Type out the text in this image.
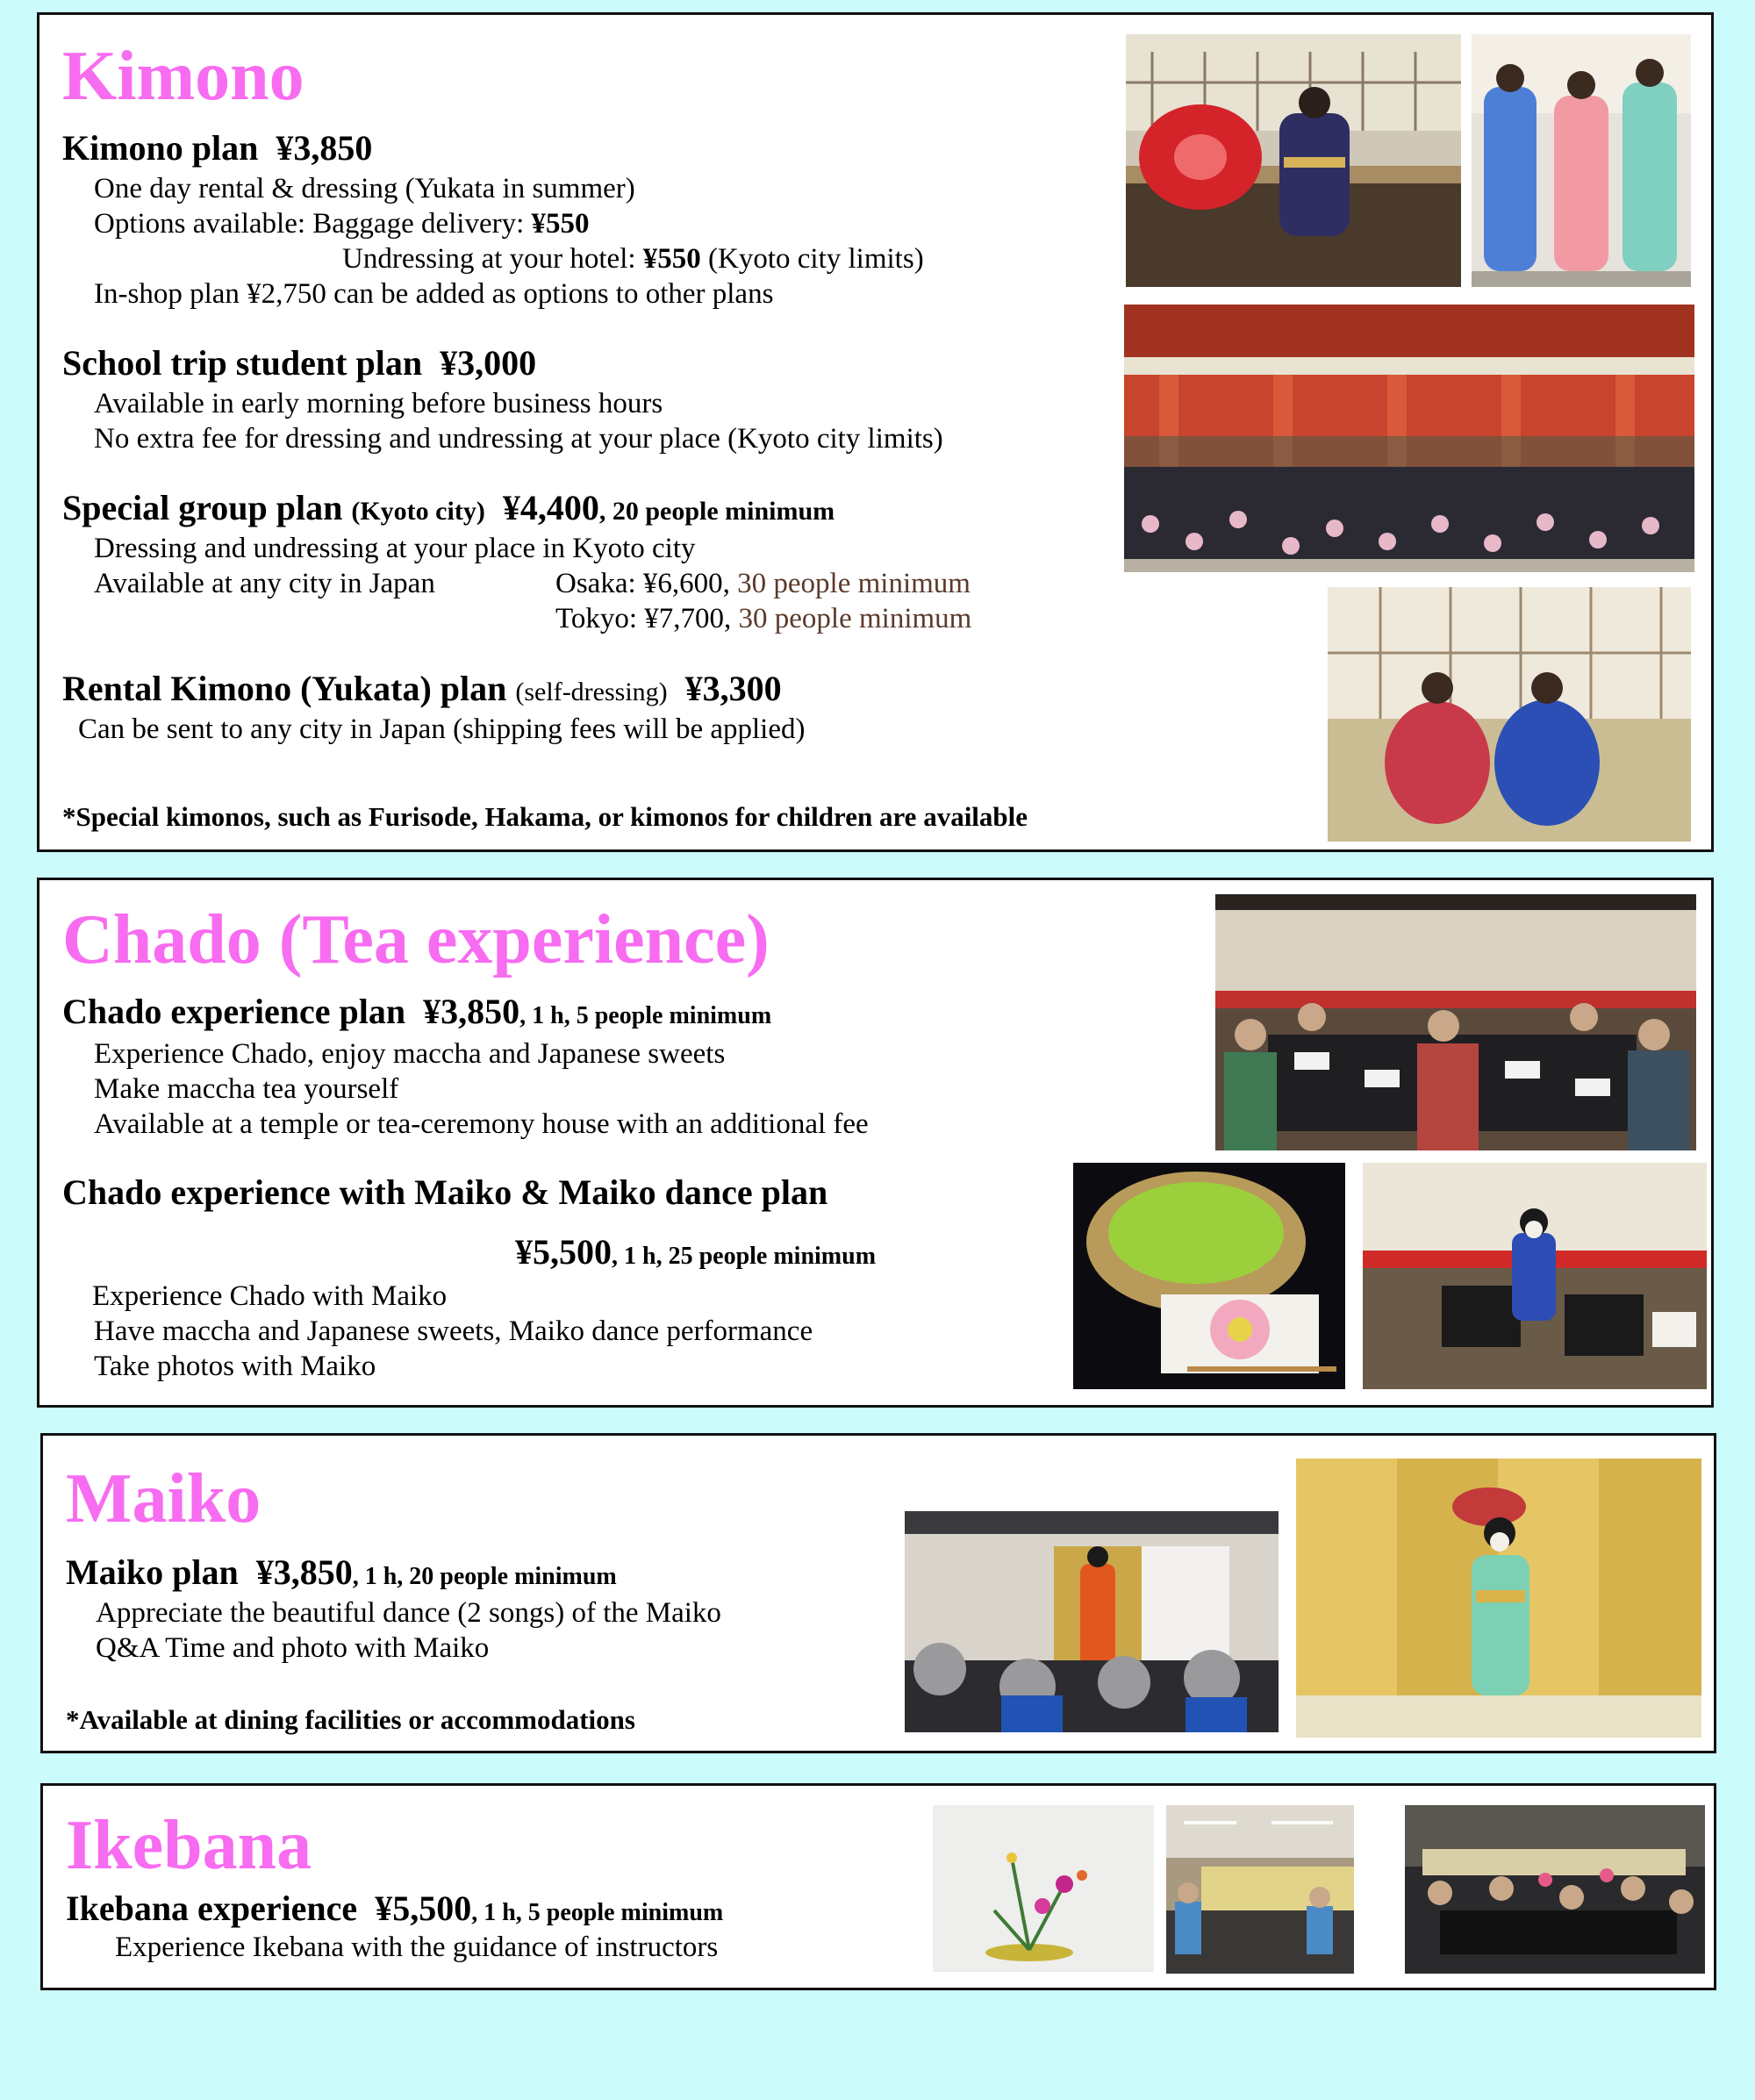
Kimono
Kimono plan ¥3,850
One day rental & dressing (Yukata in summer)
Options available: Baggage delivery: ¥550
Undressing at your hotel: ¥550 (Kyoto city limits)
In-shop plan ¥2,750 can be added as options to other plans
School trip student plan ¥3,000
Available in early morning before business hours
No extra fee for dressing and undressing at your place (Kyoto city limits)
Special group plan (Kyoto city) ¥4,400, 20 people minimum
Dressing and undressing at your place in Kyoto city
Available at any city in Japan	Osaka: ¥6,600, 30 people minimum
Tokyo: ¥7,700, 30 people minimum
Rental Kimono (Yukata) plan (self-dressing) ¥3,300
Can be sent to any city in Japan (shipping fees will be applied)
*Special kimonos, such as Furisode, Hakama, or kimonos for children are available
Chado (Tea experience)
Chado experience plan ¥3,850, 1 h, 5 people minimum
Experience Chado, enjoy maccha and Japanese sweets
Make maccha tea yourself
Available at a temple or tea-ceremony house with an additional fee
Chado experience with Maiko & Maiko dance plan
¥5,500, 1 h, 25 people minimum
Experience Chado with Maiko
Have maccha and Japanese sweets, Maiko dance performance
Take photos with Maiko
Maiko
Maiko plan ¥3,850, 1 h, 20 people minimum
Appreciate the beautiful dance (2 songs) of the Maiko
Q&A Time and photo with Maiko
*Available at dining facilities or accommodations
Ikebana
Ikebana experience ¥5,500, 1 h, 5 people minimum
Experience Ikebana with the guidance of instructors
